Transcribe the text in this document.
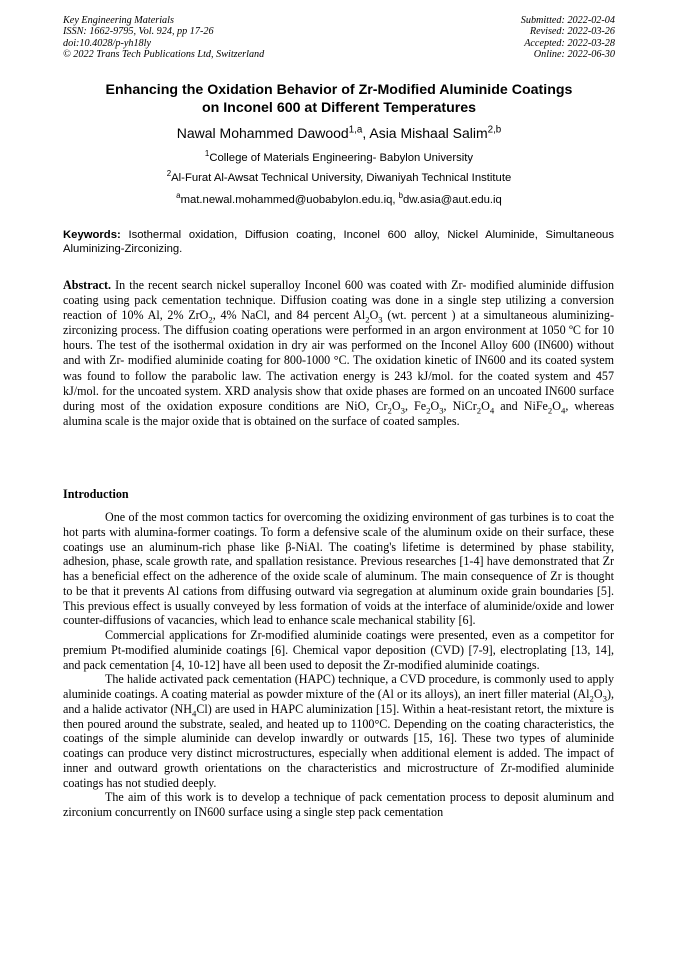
Key Engineering Materials
ISSN: 1662-9795, Vol. 924, pp 17-26
doi:10.4028/p-yh18ly
© 2022 Trans Tech Publications Ltd, Switzerland
Submitted: 2022-02-04
Revised: 2022-03-26
Accepted: 2022-03-28
Online: 2022-06-30
Enhancing the Oxidation Behavior of Zr-Modified Aluminide Coatings
on Inconel 600 at Different Temperatures
Nawal Mohammed Dawood$^{1,a}$, Asia Mishaal Salim$^{2,b}$
$^1$College of Materials Engineering- Babylon University
$^2$Al-Furat Al-Awsat Technical University, Diwaniyah Technical Institute
$^a$mat.newal.mohammed@uobabylon.edu.iq, $^b$dw.asia@aut.edu.iq
Keywords: Isothermal oxidation, Diffusion coating, Inconel 600 alloy, Nickel Aluminide, Simultaneous Aluminizing-Zirconizing.
Abstract. In the recent search nickel superalloy Inconel 600 was coated with Zr- modified aluminide diffusion coating using pack cementation technique. Diffusion coating was done in a single step utilizing a conversion reaction of 10% Al, 2% ZrO$_2$, 4% NaCl, and 84 percent $Al_2O_3$ (wt. percent ) at a simultaneous aluminizing-zirconizing process. The diffusion coating operations were performed in an argon environment at 1050 ºC for 10 hours. The test of the isothermal oxidation in dry air was performed on the Inconel Alloy 600 (IN600) without and with Zr- modified aluminide coating for 800-1000 °C. The oxidation kinetic of IN600 and its coated system was found to follow the parabolic law. The activation energy is 243 kJ/mol. for the coated system and 457 kJ/mol. for the uncoated system. XRD analysis show that oxide phases are formed on an uncoated IN600 surface during most of the oxidation exposure conditions are NiO, $Cr_2O_3$, $Fe_2O_3$, $NiCr_2O_4$ and $NiFe_2O_4$, whereas alumina scale is the major oxide that is obtained on the surface of coated samples.
Introduction

One of the most common tactics for overcoming the oxidizing environment of gas turbines is to coat the hot parts with alumina-former coatings. To form a defensive scale of the aluminum oxide on their surface, these coatings use an aluminum-rich phase like β-NiAl. The coating's lifetime is determined by phase stability, adhesion, phase, scale growth rate, and spallation resistance. Previous researches [1-4] have demonstrated that Zr has a beneficial effect on the adherence of the oxide scale of aluminum. The main consequence of Zr is thought to be that it prevents Al cations from diffusing outward via segregation at aluminum oxide grain boundaries [5]. This previous effect is usually conveyed by less formation of voids at the interface of aluminide/oxide and lower counter-diffusions of vacancies, which lead to enhance scale mechanical stability [6].

Commercial applications for Zr-modified aluminide coatings were presented, even as a competitor for premium Pt-modified aluminide coatings [6]. Chemical vapor deposition (CVD) [7-9], electroplating [13, 14], and pack cementation [4, 10-12] have all been used to deposit the Zr-modified aluminide coatings.

The halide activated pack cementation (HAPC) technique, a CVD procedure, is commonly used to apply aluminide coatings. A coating material as powder mixture of the (Al or its alloys), an inert filler material $(Al_2O_3)$, and a halide activator $(NH_4Cl)$ are used in HAPC aluminization [15]. Within a heat-resistant retort, the mixture is then poured around the substrate, sealed, and heated up to 1100°C. Depending on the coating characteristics, the coatings of the simple aluminide can develop inwardly or outwards [15, 16]. These two types of aluminide coatings can produce very distinct microstructures, especially when additional element is added. The impact of inner and outward growth orientations on the characteristics and microstructure of Zr-modified aluminide coatings has not studied deeply.

The aim of this work is to develop a technique of pack cementation process to deposit aluminum and zirconium concurrently on IN600 surface using a single step pack cementation
